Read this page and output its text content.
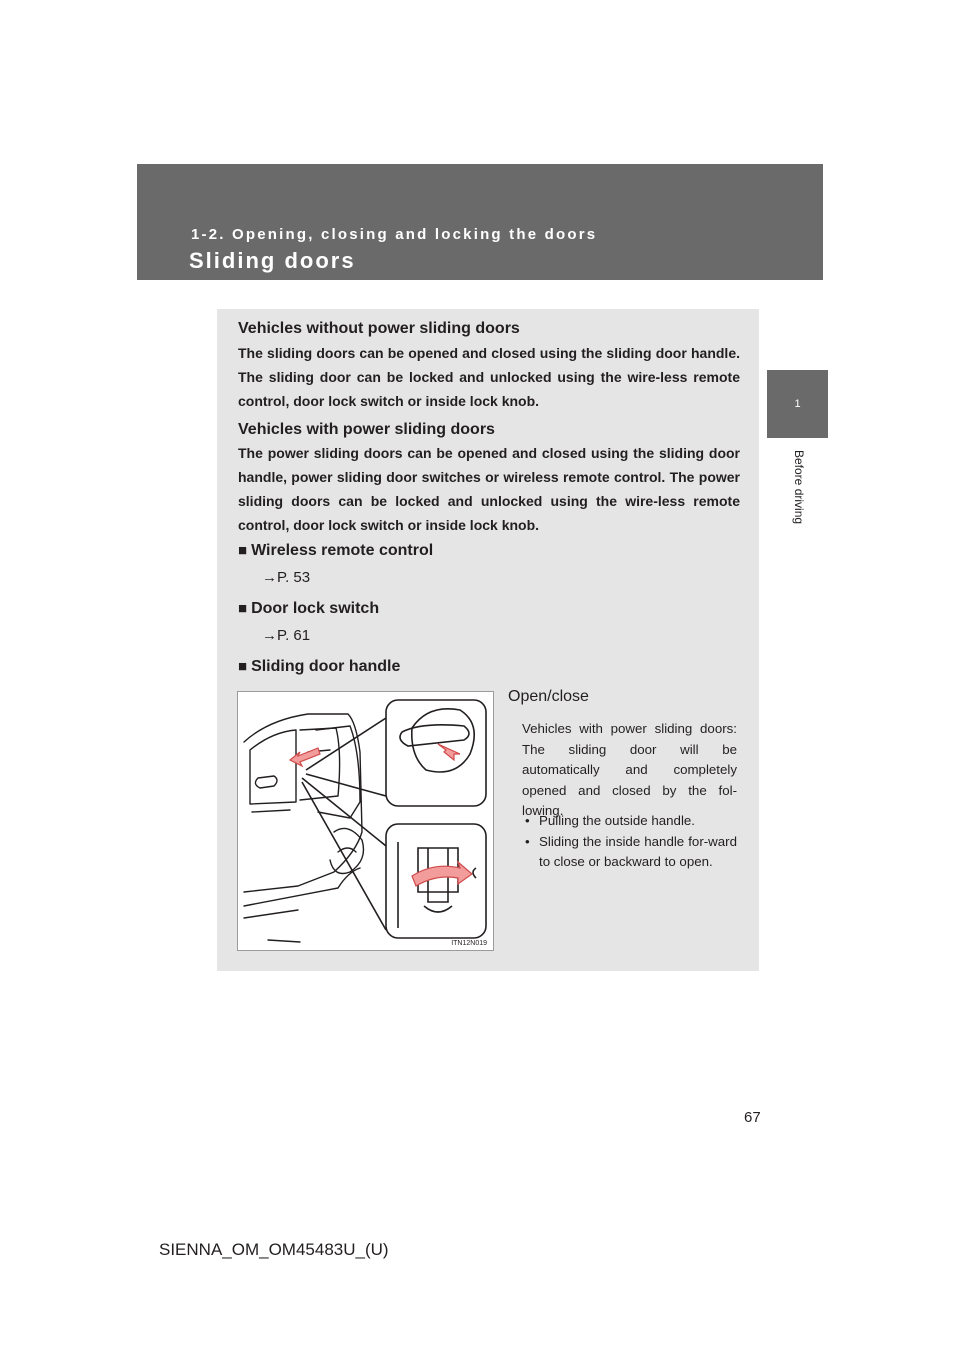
1-2. Opening, closing and locking the doors
Sliding doors
1
Before driving
Vehicles without power sliding doors
The sliding doors can be opened and closed using the sliding door handle. The sliding door can be locked and unlocked using the wire-less remote control, door lock switch or inside lock knob.
Vehicles with power sliding doors
The power sliding doors can be opened and closed using the sliding door handle, power sliding door switches or wireless remote control. The power sliding doors can be locked and unlocked using the wire-less remote control, door lock switch or inside lock knob.
■ Wireless remote control
→P. 53
■ Door lock switch
→P. 61
■ Sliding door handle
ITN12N019
Open/close
Vehicles with power sliding doors: The sliding door will be automatically and completely opened and closed by the fol-lowing.
• Pulling the outside handle.
• Sliding the inside handle for-ward to close or backward to open.
67
SIENNA_OM_OM45483U_(U)
